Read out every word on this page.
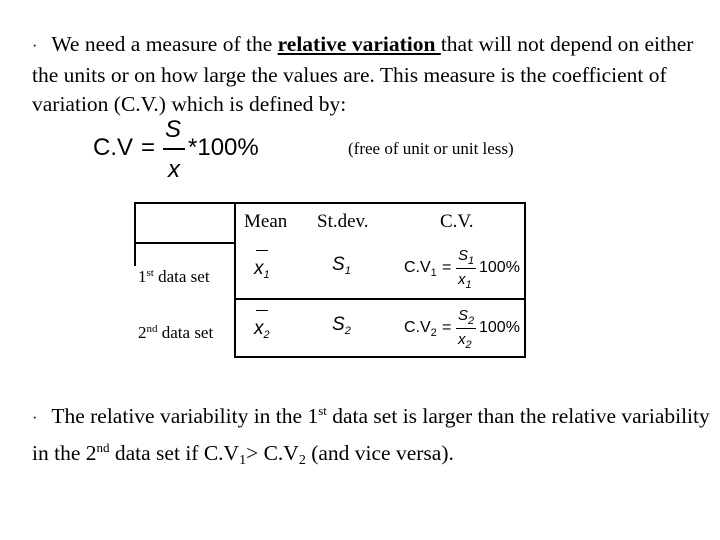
· We need a measure of the relative variation that will not depend on either the units or on how large the values are. This measure is the coefficient of variation (C.V.) which is defined by:

C.V =
S
x
*100%	(free of unit or unit less)
Mean St.dev.	C.V.
1st data set $x_1$	$S_1$	$C.V_1$ =
$S_1$
$x_1$
100%
2nd data set $x_2$	$S_2$	$C.V_2$ =
$S_2$
$x_2$
100%

· The relative variability in the 1st data set is larger than the relative variability in the 2nd data set if $C.V_1> C.V_2$ (and vice versa).
